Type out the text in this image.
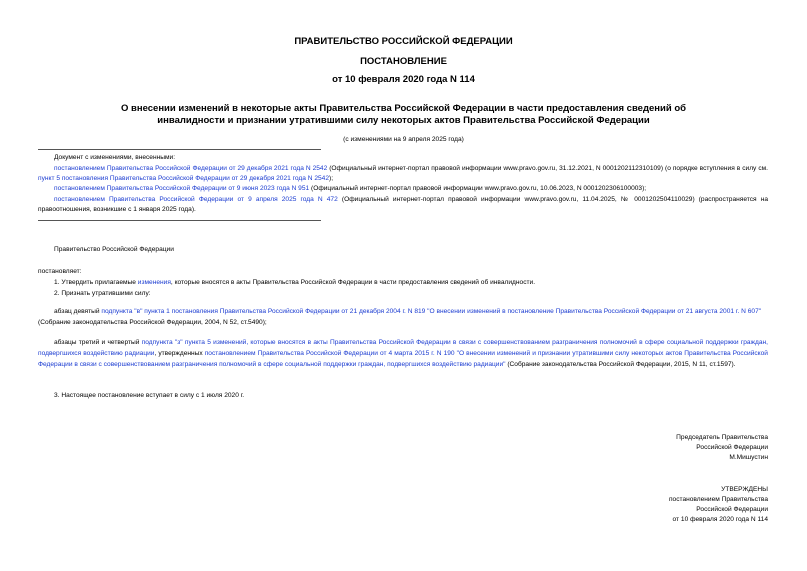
ПРАВИТЕЛЬСТВО РОССИЙСКОЙ ФЕДЕРАЦИИ
ПОСТАНОВЛЕНИЕ
от 10 февраля 2020 года N 114
О внесении изменений в некоторые акты Правительства Российской Федерации в части предоставления сведений об инвалидности и признании утратившими силу некоторых актов Правительства Российской Федерации
(с изменениями на 9 апреля 2025 года)
Документ с изменениями, внесенными:
постановлением Правительства Российской Федерации от 29 декабря 2021 года N 2542 (Официальный интернет-портал правовой информации www.pravo.gov.ru, 31.12.2021, N 0001202112310109) (о порядке вступления в силу см. пункт 5 постановления Правительства Российской Федерации от 29 декабря 2021 года N 2542);
постановлением Правительства Российской Федерации от 9 июня 2023 года N 951 (Официальный интернет-портал правовой информации www.pravo.gov.ru, 10.06.2023, N 0001202306100003);
постановлением Правительства Российской Федерации от 9 апреля 2025 года N 472 (Официальный интернет-портал правовой информации www.pravo.gov.ru, 11.04.2025, № 0001202504110029) (распространяется на правоотношения, возникшие с 1 января 2025 года).
Правительство Российской Федерации
постановляет:
1. Утвердить прилагаемые изменения, которые вносятся в акты Правительства Российской Федерации в части предоставления сведений об инвалидности.
2. Признать утратившими силу:
абзац девятый подпункта "в" пункта 1 постановления Правительства Российской Федерации от 21 декабря 2004 г. N 819 "О внесении изменений в постановление Правительства Российской Федерации от 21 августа 2001 г. N 607" (Собрание законодательства Российской Федерации, 2004, N 52, ст.5490);
абзацы третий и четвертый подпункта "з" пункта 5 изменений, которые вносятся в акты Правительства Российской Федерации в связи с совершенствованием разграничения полномочий в сфере социальной поддержки граждан, подвергшихся воздействию радиации, утвержденных постановлением Правительства Российской Федерации от 4 марта 2015 г. N 190 "О внесении изменений и признании утратившими силу некоторых актов Правительства Российской Федерации в связи с совершенствованием разграничения полномочий в сфере социальной поддержки граждан, подвергшихся воздействию радиации" (Собрание законодательства Российской Федерации, 2015, N 11, ст.1597).
3. Настоящее постановление вступает в силу с 1 июля 2020 г.
Председатель Правительства
Российской Федерации
М.Мишустин
УТВЕРЖДЕНЫ
постановлением Правительства
Российской Федерации
от 10 февраля 2020 года N 114
